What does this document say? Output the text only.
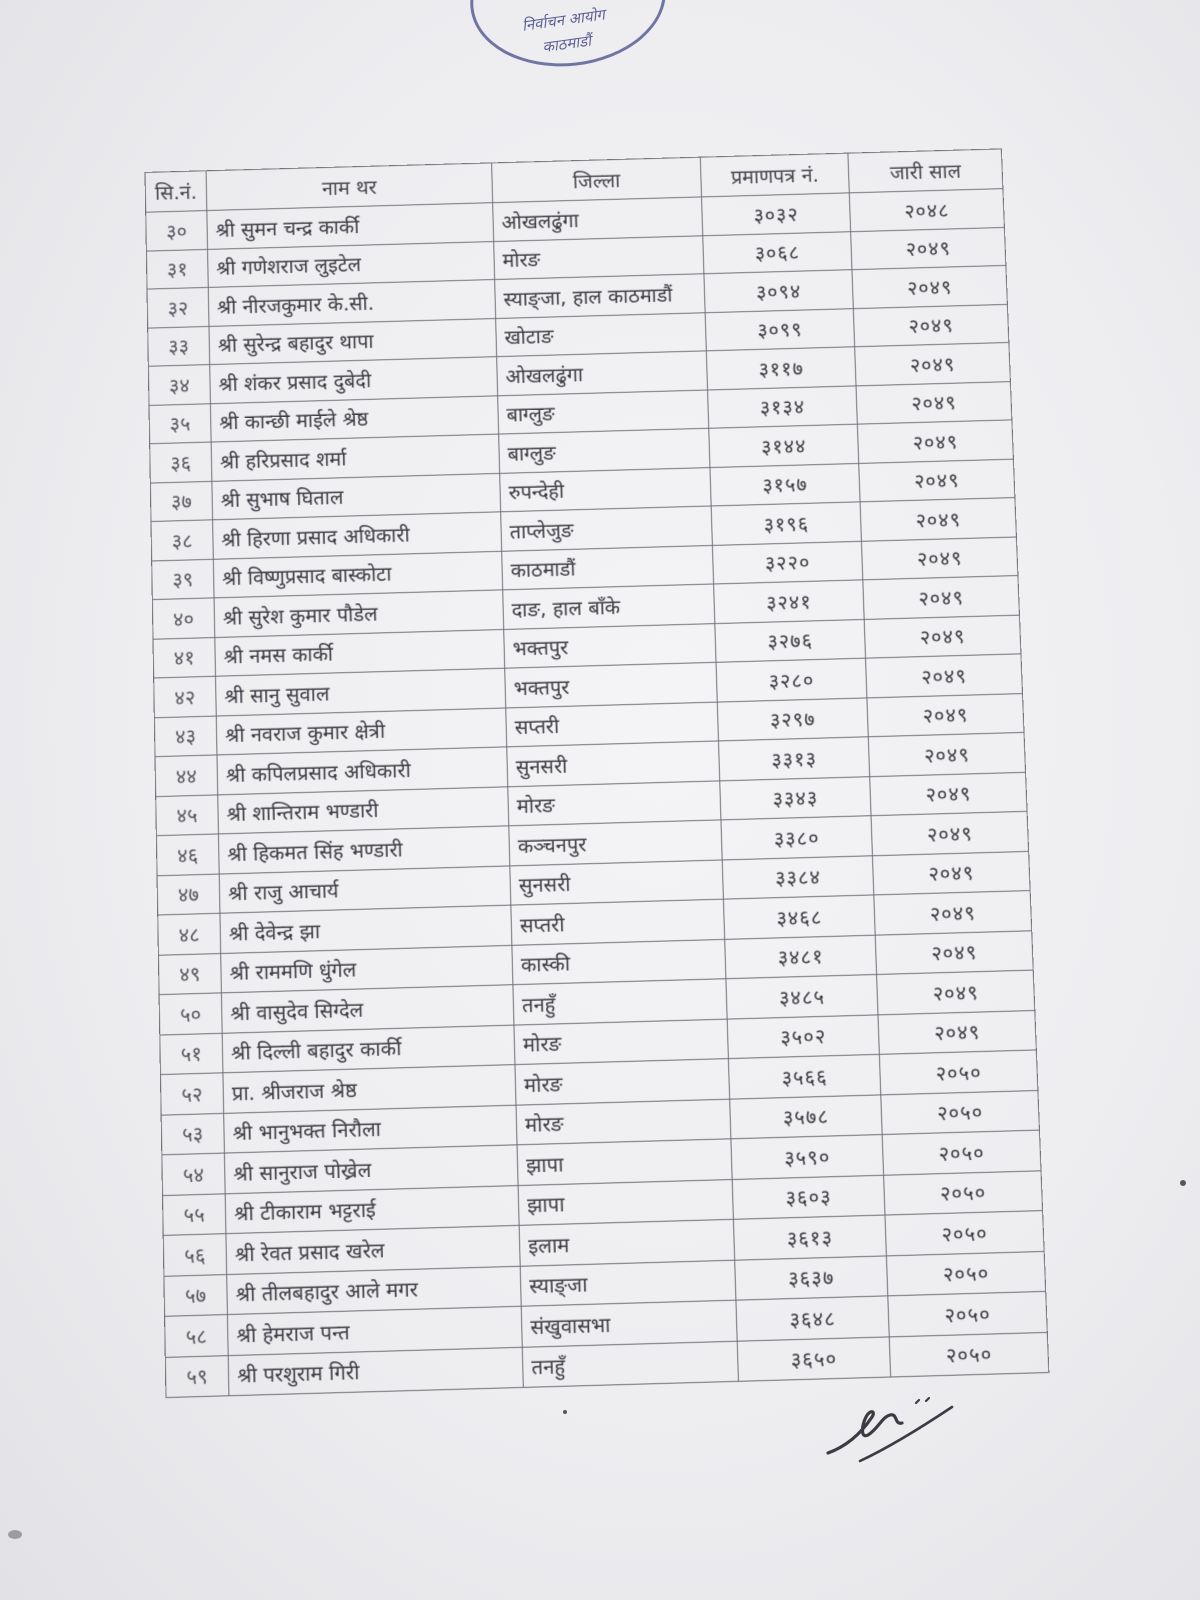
निर्वाचन आयोग
काठमाडौं
सि.नं.	नाम थर	जिल्ला	प्रमाणपत्र नं.	जारी साल
३०	श्री सुमन चन्द्र कार्की	ओखलढुंगा	३०३२	२०४८
३१	श्री गणेशराज लुइटेल	मोरङ	३०६८	२०४९
३२	श्री नीरजकुमार के.सी.	स्याङ्जा, हाल काठमाडौं	३०९४	२०४९
३३	श्री सुरेन्द्र बहादुर थापा	खोटाङ	३०९९	२०४९
३४	श्री शंकर प्रसाद दुबेदी	ओखलढुंगा	३११७	२०४९
३५	श्री कान्छी माईले श्रेष्ठ	बाग्लुङ	३१३४	२०४९
३६	श्री हरिप्रसाद शर्मा	बाग्लुङ	३१४४	२०४९
३७	श्री सुभाष घिताल	रुपन्देही	३१५७	२०४९
३८	श्री हिरणा प्रसाद अधिकारी	ताप्लेजुङ	३१९६	२०४९
३९	श्री विष्णुप्रसाद बास्कोटा	काठमाडौं	३२२०	२०४९
४०	श्री सुरेश कुमार पौडेल	दाङ, हाल बाँके	३२४१	२०४९
४१	श्री नमस कार्की	भक्तपुर	३२७६	२०४९
४२	श्री सानु सुवाल	भक्तपुर	३२८०	२०४९
४३	श्री नवराज कुमार क्षेत्री	सप्तरी	३२९७	२०४९
४४	श्री कपिलप्रसाद अधिकारी	सुनसरी	३३१३	२०४९
४५	श्री शान्तिराम भण्डारी	मोरङ	३३४३	२०४९
४६	श्री हिकमत सिंह भण्डारी	कञ्चनपुर	३३८०	२०४९
४७	श्री राजु आचार्य	सुनसरी	३३८४	२०४९
४८	श्री देवेन्द्र झा	सप्तरी	३४६८	२०४९
४९	श्री राममणि धुंगेल	कास्की	३४८१	२०४९
५०	श्री वासुदेव सिग्देल	तनहुँ	३४८५	२०४९
५१	श्री दिल्ली बहादुर कार्की	मोरङ	३५०२	२०४९
५२	प्रा. श्रीजराज श्रेष्ठ	मोरङ	३५६६	२०५०
५३	श्री भानुभक्त निरौला	मोरङ	३५७८	२०५०
५४	श्री सानुराज पोख्रेल	झापा	३५९०	२०५०
५५	श्री टीकाराम भट्टराई	झापा	३६०३	२०५०
५६	श्री रेवत प्रसाद खरेल	इलाम	३६१३	२०५०
५७	श्री तीलबहादुर आले मगर	स्याङ्जा	३६३७	२०५०
५८	श्री हेमराज पन्त	संखुवासभा	३६४८	२०५०
५९	श्री परशुराम गिरी	तनहुँ	३६५०	२०५०
